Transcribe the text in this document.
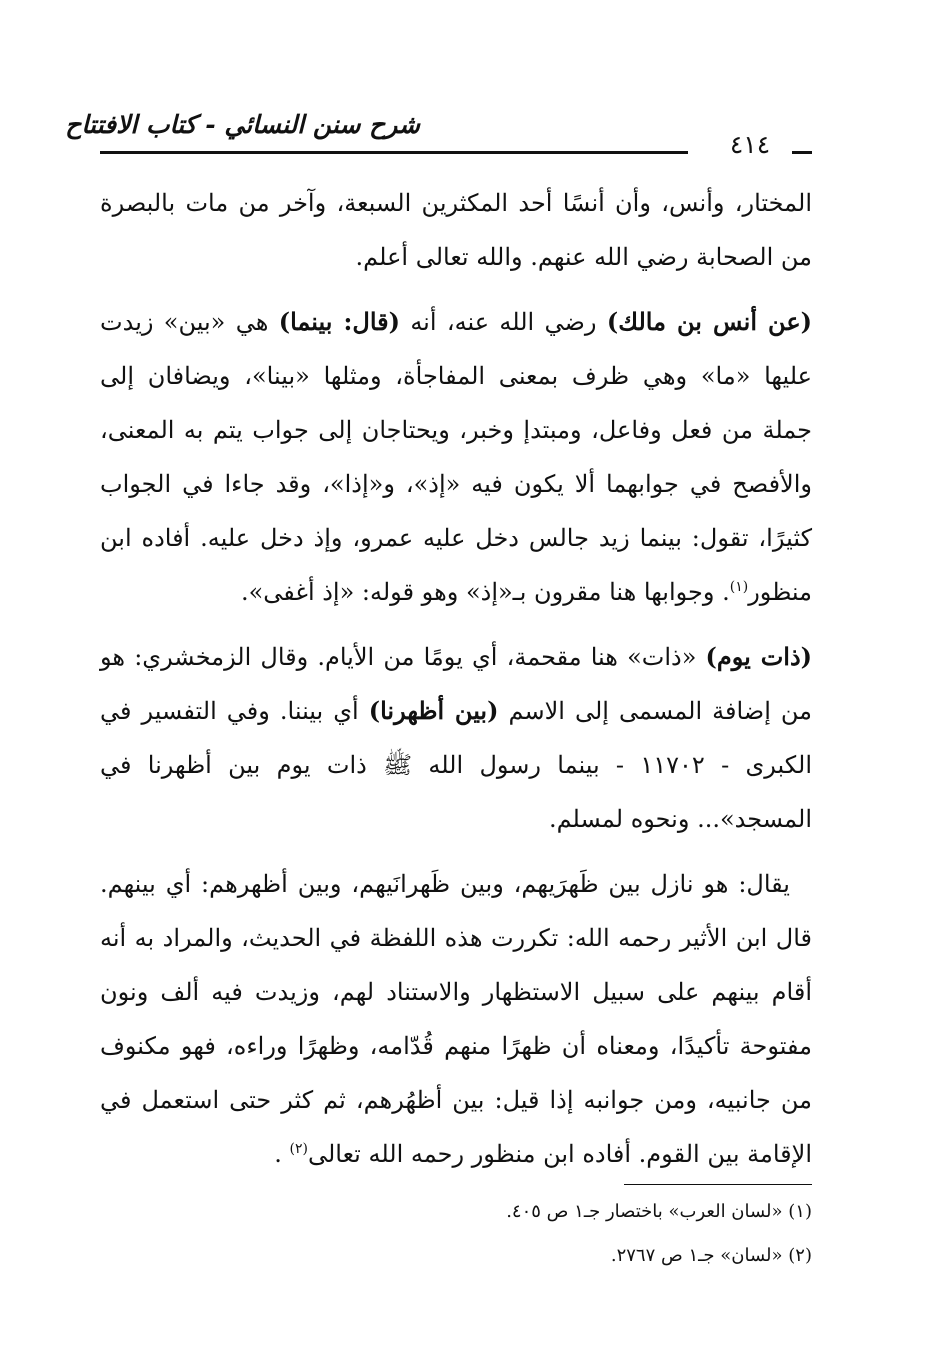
شرح سنن النسائي - كتاب الافتتاح
٤١٤

المختار، وأنس، وأن أنسًا أحد المكثرين السبعة، وآخر من مات بالبصرة من الصحابة رضي الله عنهم. والله تعالى أعلم.

(عن أنس بن مالك) رضي الله عنه، أنه (قال: بينما) هي «بين» زيدت عليها «ما» وهي ظرف بمعنى المفاجأة، ومثلها «بينا»، ويضافان إلى جملة من فعل وفاعل، ومبتدإ وخبر، ويحتاجان إلى جواب يتم به المعنى، والأفصح في جوابهما ألا يكون فيه «إذ»، و«إذا»، وقد جاءا في الجواب كثيرًا، تقول: بينما زيد جالس دخل عليه عمرو، وإذ دخل عليه. أفاده ابن منظور$^{(١)}$. وجوابها هنا مقرون بـ«إذ» وهو قوله: «إذ أغفى».

(ذات يوم) «ذات» هنا مقحمة، أي يومًا من الأيام. وقال الزمخشري: هو من إضافة المسمى إلى الاسم (بين أظهرنا) أي بيننا. وفي التفسير في الكبرى - ١١٧٠٢ - بينما رسول الله ﷺ ذات يوم بين أظهرنا في المسجد»... ونحوه لمسلم.

يقال: هو نازل بين ظَهرَيهم، وبين ظَهرانَيهم، وبين أظهرهم: أي بينهم. قال ابن الأثير رحمه الله: تكررت هذه اللفظة في الحديث، والمراد به أنه أقام بينهم على سبيل الاستظهار والاستناد لهم، وزيدت فيه ألف ونون مفتوحة تأكيدًا، ومعناه أن ظهرًا منهم قُدّامه، وظهرًا وراءه، فهو مكنوف من جانبيه، ومن جوانبه إذا قيل: بين أظهُرهم، ثم كثر حتى استعمل في الإقامة بين القوم. أفاده ابن منظور رحمه الله تعالى$^{(٢)}$ .

(١) «لسان العرب» باختصار جـ١ ص ٤٠٥.
(٢) «لسان» جـ١ ص ٢٧٦٧.
